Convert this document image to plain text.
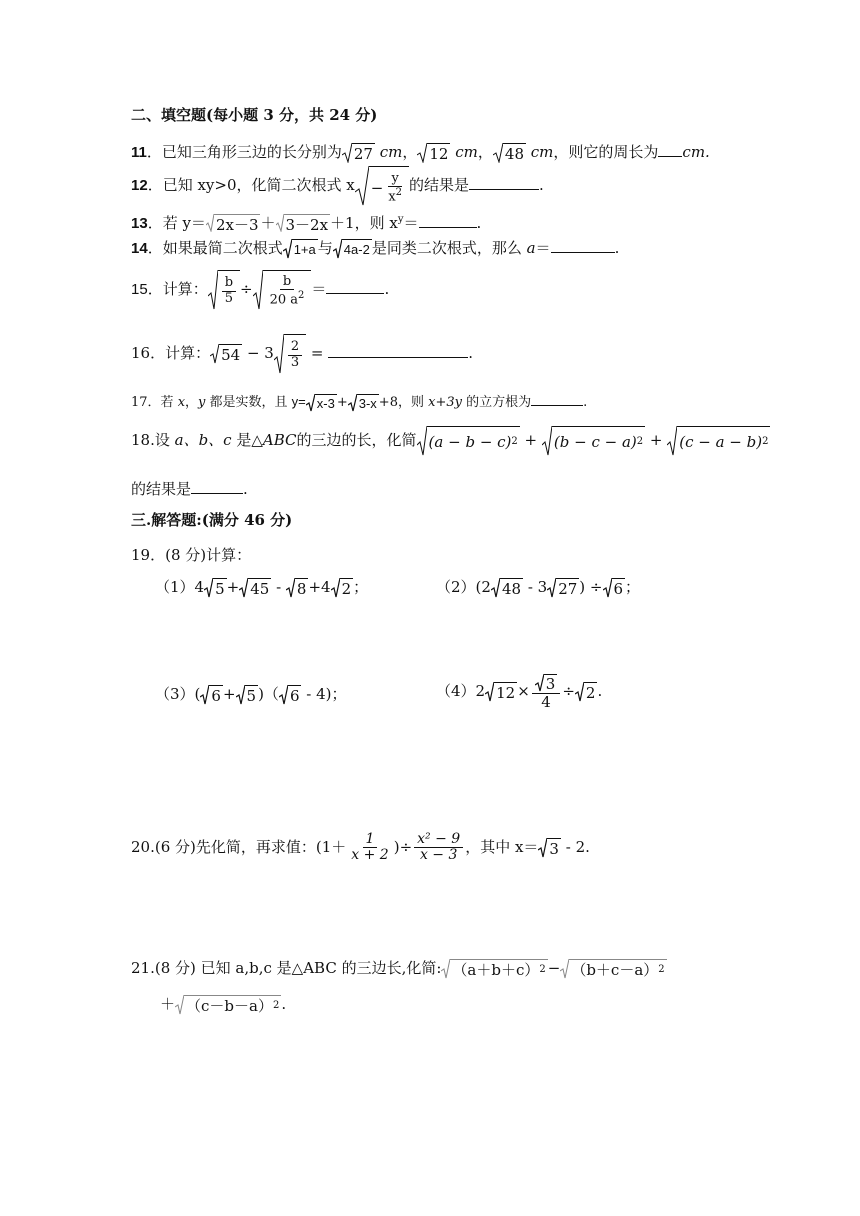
二、填空题(每小题 3 分，共 24 分)
11．已知三角形三边的长分别为 27 cm， 12 cm， 48 cm，则它的周长为 cm.
12．已知 xy>0，化简二次根式 $x - \frac{y}{x^2}$ 的结果是	.
13．若 y＝ 2x－3 ＋ 3－2x ＋1，则 $x^y=$	.
14．如果最简二次根式 1+a 与 4a-2 是同类二次根式，那么 a＝	.
15．计算： $\frac{b}{5} \div \frac{b}{20 a^2}$ ＝	.
16．计算： $54 - 3 \frac{2}{3}$ =	.
17．若 x，y 都是实数，且 y= x-3 + 3-x +8，则 x+3y 的立方根为	.
18.设 a、b、c 是△ABC的三边的长，化简 (a − b − c) 2 + (b − c − a) 2 + (c − a − b) 2
的结果是	.
三.解答题:(满分 46 分)
19．(8 分)计算：
（1）4 5 + 45 - 8 +4 2 ；	（2）(2 48 - 3 27 ) ÷ 6 ；
（3）( 6 + 5 )（ 6 - 4)；	（4）2 $12 \times \frac{3}{4} \div 2$ .
20.(6 分)先化简，再求值：($1+ \frac{1}{x + 2}$ )÷ $\frac{\text{x² − 9}}{x - 3}$ ，其中 x＝ 3 - 2.
21.(8 分) 已知 a,b,c 是△ABC 的三边长,化简: （a＋b＋c） 2 − （b＋c－a） 2
＋ （c－b－a） 2 .
